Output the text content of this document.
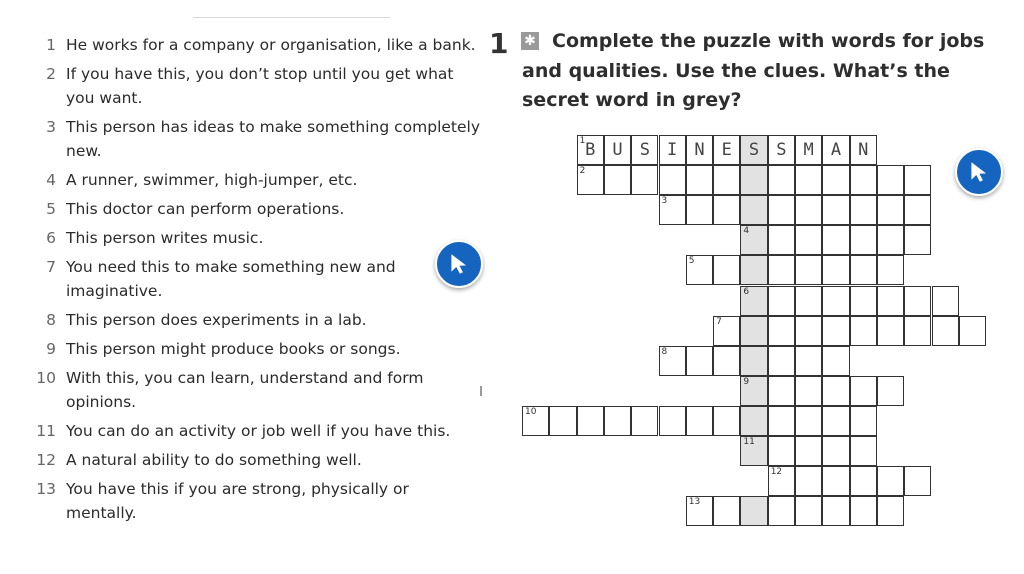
1 He works for a company or organisation, like a bank.
2 If you have this, you don’t stop until you get what you want.
3 This person has ideas to make something completely new.
4 A runner, swimmer, high-jumper, etc.
5 This doctor can perform operations.
6 This person writes music.
7 You need this to make something new and imaginative.
8 This person does experiments in a lab.
9 This person might produce books or songs.
10 With this, you can learn, understand and form opinions.
11 You can do an activity or job well if you have this.
12 A natural ability to do something well.
13 You have this if you are strong, physically or mentally.
1 ✱ Complete the puzzle with words for jobs and qualities. Use the clues. What’s the secret word in grey?

1 B	U	S	I	N	E	S	S	M	A	N
2
3
4
5
6
7
8
9
10
11
12
13
